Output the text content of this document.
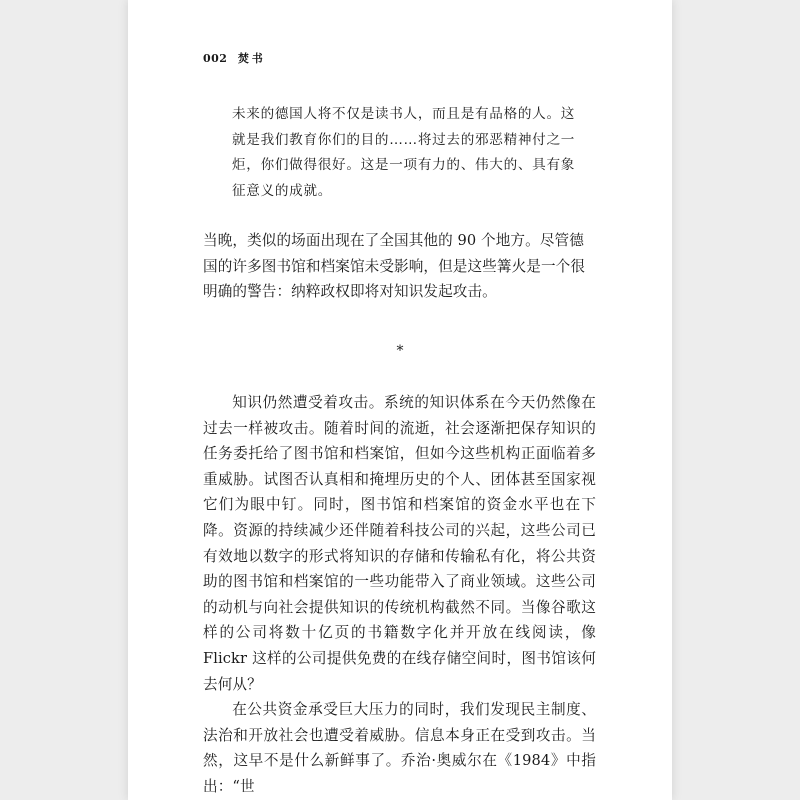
002 焚书

未来的德国人将不仅是读书人，而且是有品格的人。这就是我们教育你们的目的……将过去的邪恶精神付之一炬，你们做得很好。这是一项有力的、伟大的、具有象征意义的成就。

当晚，类似的场面出现在了全国其他的 90 个地方。尽管德国的许多图书馆和档案馆未受影响，但是这些篝火是一个很明确的警告：纳粹政权即将对知识发起攻击。

*

知识仍然遭受着攻击。系统的知识体系在今天仍然像在过去一样被攻击。随着时间的流逝，社会逐渐把保存知识的任务委托给了图书馆和档案馆，但如今这些机构正面临着多重威胁。试图否认真相和掩埋历史的个人、团体甚至国家视它们为眼中钉。同时，图书馆和档案馆的资金水平也在下降。资源的持续减少还伴随着科技公司的兴起，这些公司已有效地以数字的形式将知识的存储和传输私有化，将公共资助的图书馆和档案馆的一些功能带入了商业领域。这些公司的动机与向社会提供知识的传统机构截然不同。当像谷歌这样的公司将数十亿页的书籍数字化并开放在线阅读，像 Flickr 这样的公司提供免费的在线存储空间时，图书馆该何去何从？

在公共资金承受巨大压力的同时，我们发现民主制度、法治和开放社会也遭受着威胁。信息本身正在受到攻击。当然，这早不是什么新鲜事了。乔治·奥威尔在《1984》中指出：“世
